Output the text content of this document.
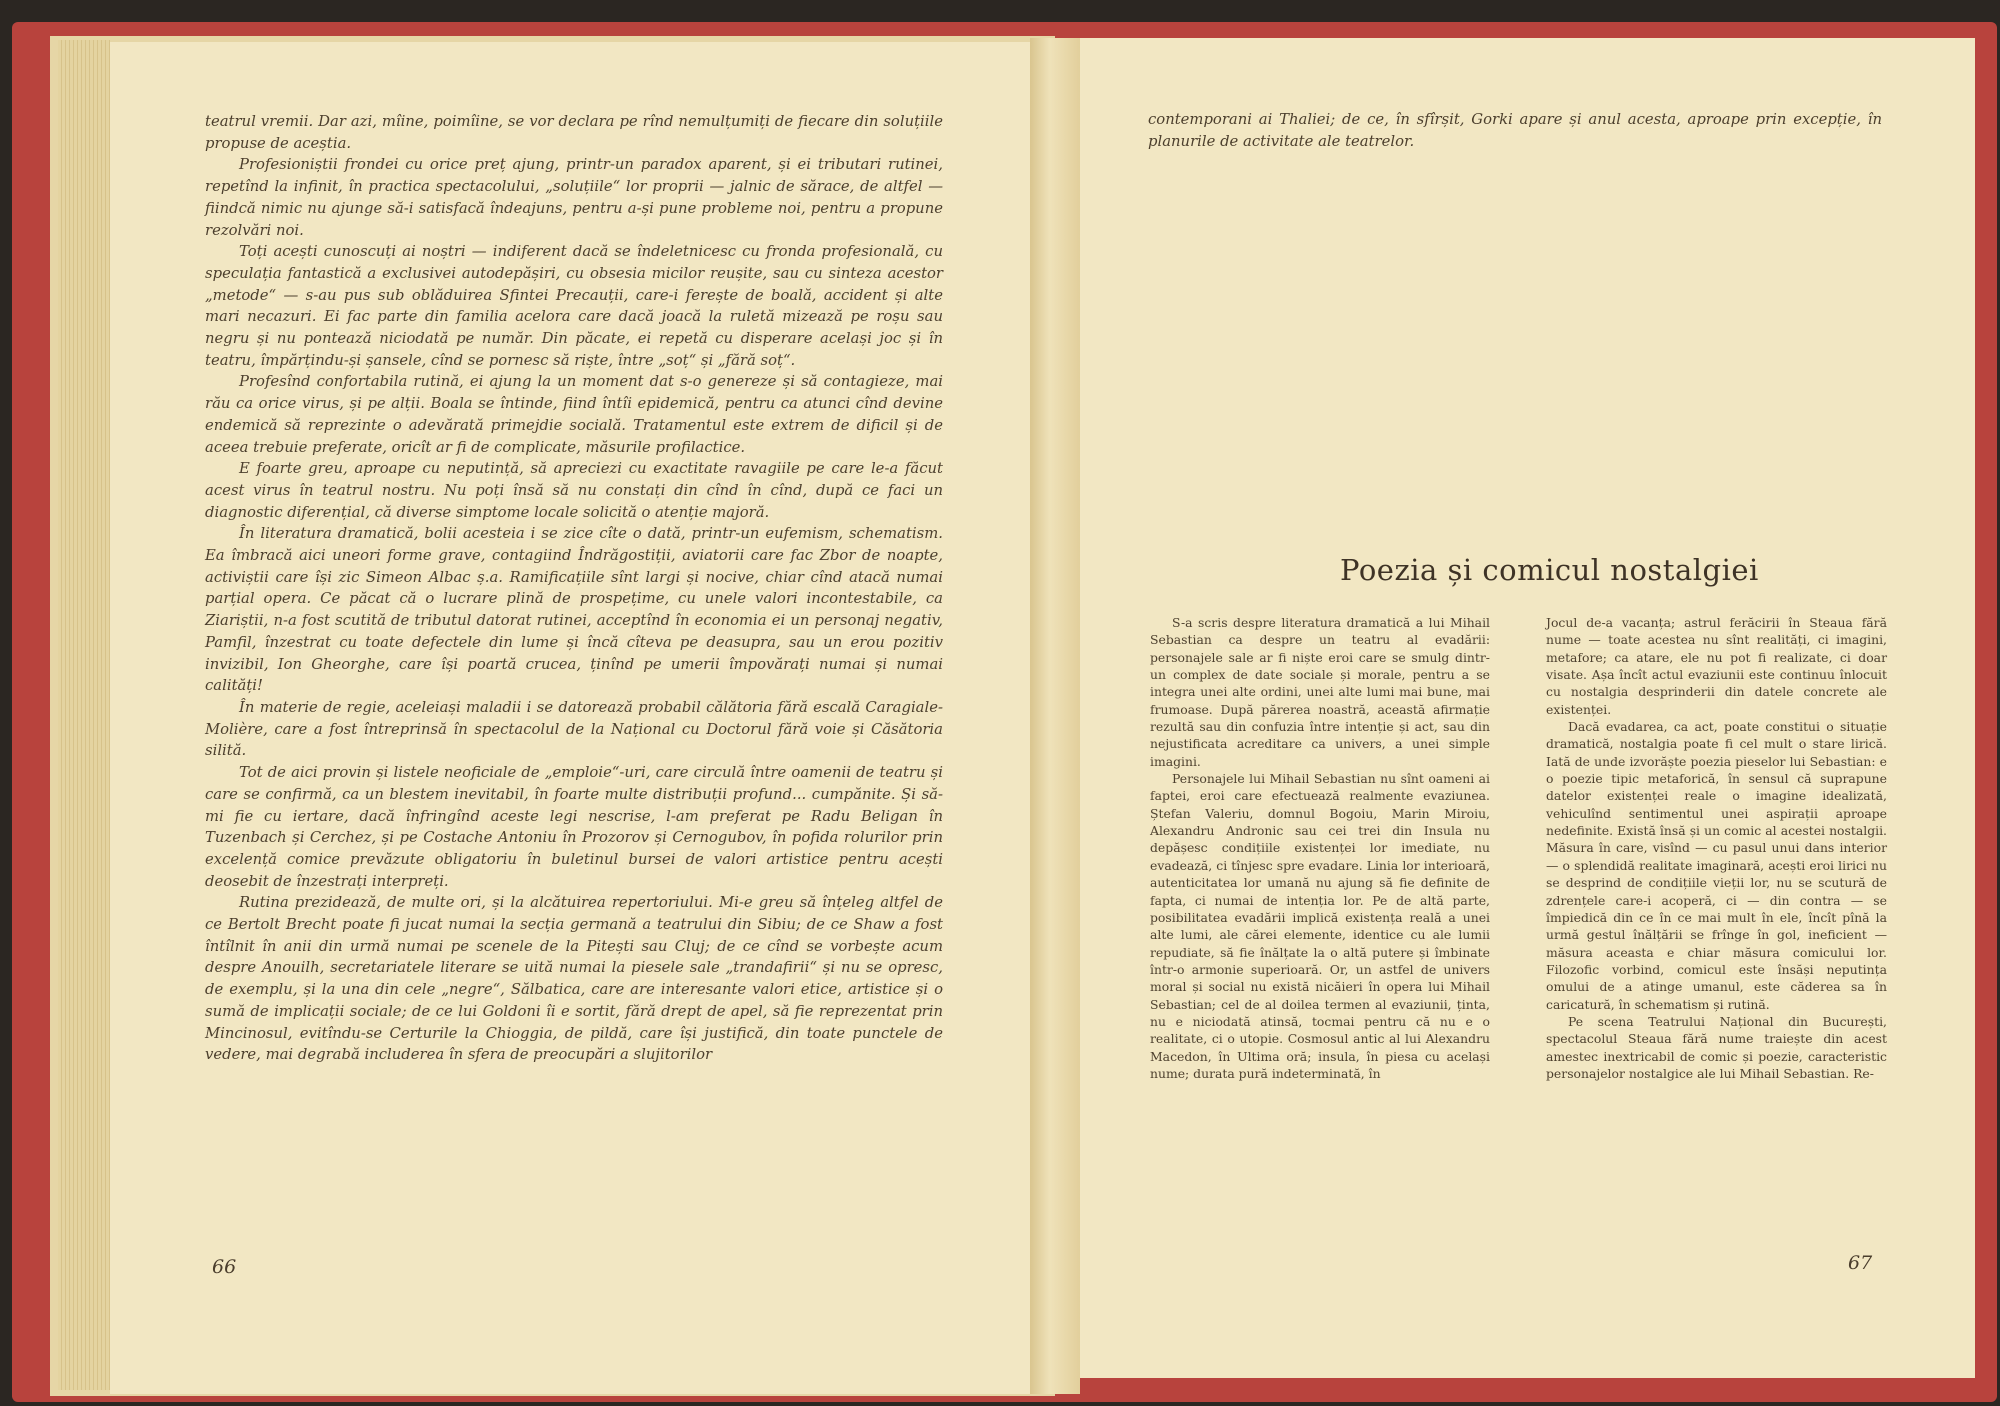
teatrul vremii. Dar azi, mîine, poimîine, se vor declara pe rînd nemulțumiți de fiecare din soluțiile propuse de aceștia.

Profesioniștii frondei cu orice preț ajung, printr-un paradox aparent, și ei tributari rutinei, repetînd la infinit, în practica spectacolului, „soluțiile“ lor proprii — jalnic de sărace, de altfel — fiindcă nimic nu ajunge să-i satisfacă îndeajuns, pentru a-și pune probleme noi, pentru a propune rezolvări noi.

Toți acești cunoscuți ai noștri — indiferent dacă se îndeletnicesc cu fronda profesională, cu speculația fantastică a exclusivei autodepășiri, cu obsesia micilor reușite, sau cu sinteza acestor „metode“ — s-au pus sub oblăduirea Sfintei Precauții, care-i ferește de boală, accident și alte mari necazuri. Ei fac parte din familia acelora care dacă joacă la ruletă mizează pe roșu sau negru și nu pontează niciodată pe număr. Din păcate, ei repetă cu disperare același joc și în teatru, împărțindu-și șansele, cînd se pornesc să riște, între „soț“ și „fără soț“.

Profesînd confortabila rutină, ei ajung la un moment dat s-o genereze și să contagieze, mai rău ca orice virus, și pe alții. Boala se întinde, fiind întîi epidemică, pentru ca atunci cînd devine endemică să reprezinte o adevărată primejdie socială. Tratamentul este extrem de dificil și de aceea trebuie preferate, oricît ar fi de complicate, măsurile profilactice.

E foarte greu, aproape cu neputință, să apreciezi cu exactitate ravagiile pe care le-a făcut acest virus în teatrul nostru. Nu poți însă să nu constați din cînd în cînd, după ce faci un diagnostic diferențial, că diverse simptome locale solicită o atenție majoră.

În literatura dramatică, bolii acesteia i se zice cîte o dată, printr-un eufemism, schematism. Ea îmbracă aici uneori forme grave, contagiind Îndrăgostiții, aviatorii care fac Zbor de noapte, activiștii care își zic Simeon Albac ș.a. Ramificațiile sînt largi și nocive, chiar cînd atacă numai parțial opera. Ce păcat că o lucrare plină de prospețime, cu unele valori incontestabile, ca Ziariștii, n-a fost scutită de tributul datorat rutinei, acceptînd în economia ei un personaj negativ, Pamfil, înzestrat cu toate defectele din lume și încă cîteva pe deasupra, sau un erou pozitiv invizibil, Ion Gheorghe, care își poartă crucea, ținînd pe umerii împovărați numai și numai calități!

În materie de regie, aceleiași maladii i se datorează probabil călătoria fără escală Caragiale-Molière, care a fost întreprinsă în spectacolul de la Național cu Doctorul fără voie și Căsătoria silită.

Tot de aici provin și listele neoficiale de „emploie“-uri, care circulă între oamenii de teatru și care se confirmă, ca un blestem inevitabil, în foarte multe distribuții profund... cumpănite. Și să-mi fie cu iertare, dacă înfringînd aceste legi nescrise, l-am preferat pe Radu Beligan în Tuzenbach și Cerchez, și pe Costache Antoniu în Prozorov și Cernogubov, în pofida rolurilor prin excelență comice prevăzute obligatoriu în buletinul bursei de valori artistice pentru acești deosebit de înzestrați interpreți.

Rutina prezidează, de multe ori, și la alcătuirea repertoriului. Mi-e greu să înțeleg altfel de ce Bertolt Brecht poate fi jucat numai la secția germană a teatrului din Sibiu; de ce Shaw a fost întîlnit în anii din urmă numai pe scenele de la Pitești sau Cluj; de ce cînd se vorbește acum despre Anouilh, secretariatele literare se uită numai la piesele sale „trandafirii“ și nu se opresc, de exemplu, și la una din cele „negre“, Sălbatica, care are interesante valori etice, artistice și o sumă de implicații sociale; de ce lui Goldoni îi e sortit, fără drept de apel, să fie reprezentat prin Mincinosul, evitîndu-se Certurile la Chioggia, de pildă, care își justifică, din toate punctele de vedere, mai degrabă includerea în sfera de preocupări a slujitorilor

66

contemporani ai Thaliei; de ce, în sfîrșit, Gorki apare și anul acesta, aproape prin excepție, în planurile de activitate ale teatrelor.

Poezia și comicul nostalgiei

S-a scris despre literatura dramatică a lui Mihail Sebastian ca despre un teatru al evadării: personajele sale ar fi niște eroi care se smulg dintr-un complex de date sociale și morale, pentru a se integra unei alte ordini, unei alte lumi mai bune, mai frumoase. După părerea noastră, această afirmație rezultă sau din confuzia între intenție și act, sau din nejustificata acreditare ca univers, a unei simple imagini.

Personajele lui Mihail Sebastian nu sînt oameni ai faptei, eroi care efectuează realmente evaziunea. Ștefan Valeriu, domnul Bogoiu, Marin Miroiu, Alexandru Andronic sau cei trei din Insula nu depășesc condițiile existenței lor imediate, nu evadează, ci tînjesc spre evadare. Linia lor interioară, autenticitatea lor umană nu ajung să fie definite de fapta, ci numai de intenția lor. Pe de altă parte, posibilitatea evadării implică existența reală a unei alte lumi, ale cărei elemente, identice cu ale lumii repudiate, să fie înălțate la o altă putere și îmbinate într-o armonie superioară. Or, un astfel de univers moral și social nu există nicăieri în opera lui Mihail Sebastian; cel de al doilea termen al evaziunii, ținta, nu e niciodată atinsă, tocmai pentru că nu e o realitate, ci o utopie. Cosmosul antic al lui Alexandru Macedon, în Ultima oră; insula, în piesa cu același nume; durata pură indeterminată, în

Jocul de-a vacanța; astrul ferăcirii în Steaua fără nume — toate acestea nu sînt realități, ci imagini, metafore; ca atare, ele nu pot fi realizate, ci doar visate. Așa încît actul evaziunii este continuu înlocuit cu nostalgia desprinderii din datele concrete ale existenței.

Dacă evadarea, ca act, poate constitui o situație dramatică, nostalgia poate fi cel mult o stare lirică. Iată de unde izvorăște poezia pieselor lui Sebastian: e o poezie tipic metaforică, în sensul că suprapune datelor existenței reale o imagine idealizată, vehiculînd sentimentul unei aspirații aproape nedefinite. Există însă și un comic al acestei nostalgii. Măsura în care, visînd — cu pasul unui dans interior — o splendidă realitate imaginară, acești eroi lirici nu se desprind de condițiile vieții lor, nu se scutură de zdrențele care-i acoperă, ci — din contra — se împiedică din ce în ce mai mult în ele, încît pînă la urmă gestul înălțării se frînge în gol, ineficient — măsura aceasta e chiar măsura comicului lor. Filozofic vorbind, comicul este însăși neputința omului de a atinge umanul, este căderea sa în caricatură, în schematism și rutină.

Pe scena Teatrului Național din București, spectacolul Steaua fără nume traiește din acest amestec inextricabil de comic și poezie, caracteristic personajelor nostalgice ale lui Mihail Sebastian. Re-

67
